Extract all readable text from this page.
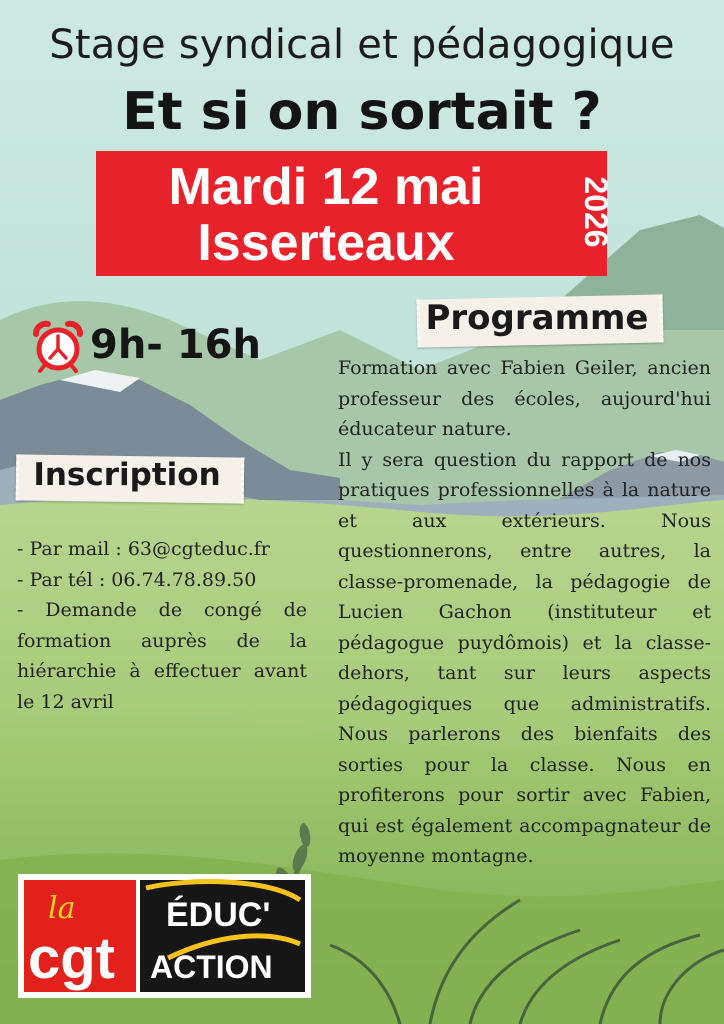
Stage syndical et pédagogique
Et si on sortait ?
Mardi 12 mai
Isserteaux	2026
9h- 16h
Programme

Formation avec Fabien Geiler, ancien professeur des écoles, aujourd'hui éducateur nature.

Il y sera question du rapport de nos pratiques professionnelles à la nature et aux extérieurs. Nous questionnerons, entre autres, la classe-promenade, la pédagogie de Lucien Gachon (instituteur et pédagogue puydômois) et la classe-dehors, tant sur leurs aspects pédagogiques que administratifs. Nous parlerons des bienfaits des sorties pour la classe. Nous en profiterons pour sortir avec Fabien, qui est également accompagnateur de moyenne montagne.

Inscription

- Par mail : 63@cgteduc.fr

- Par tél : 06.74.78.89.50

- Demande de congé de formation auprès de la hiérarchie à effectuer avant le 12 avril

la
cgt
ÉDUC'
ACTION
